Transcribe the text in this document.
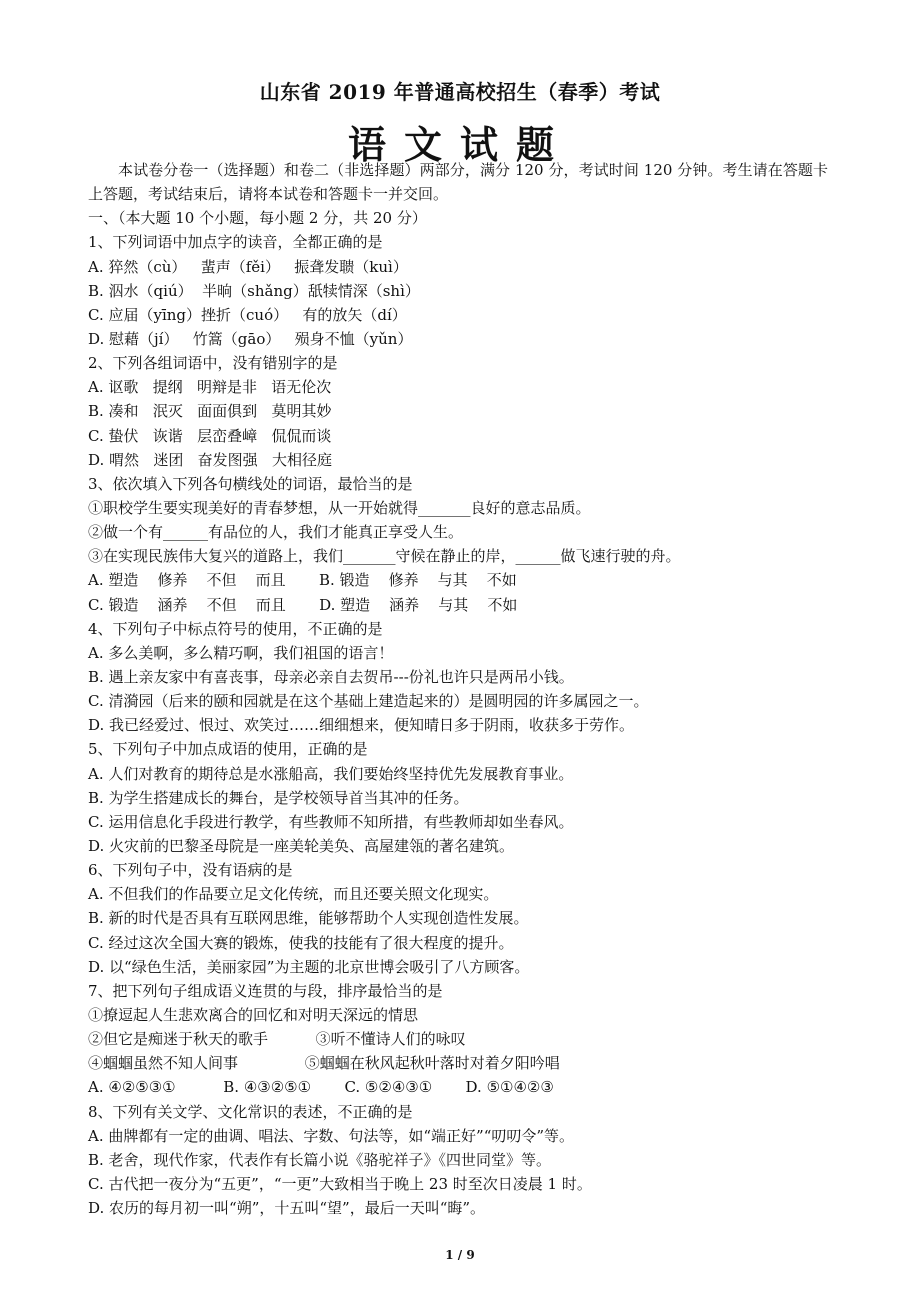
山东省 2019 年普通高校招生（春季）考试
语文试题
本试卷分卷一（选择题）和卷二（非选择题）两部分，满分 120 分，考试时间 120 分钟。考生请在答题卡上答题，考试结束后，请将本试卷和答题卡一并交回。
一、（本大题 10 个小题，每小题 2 分，共 20 分）
1、下列词语中加点字的读音，全都正确的是
A. 猝然（cù）   蜚声（fěi）   振聋发聩（kuì）
B. 泅水（qiú）  半晌（shǎng）舐犊情深（shì）
C. 应届（yīng）挫折（cuó）   有的放矢（dí）
D. 慰藉（jí）   竹篙（gāo）   殒身不恤（yǔn）
2、下列各组词语中，没有错别字的是
A. 讴歌   提纲   明辩是非   语无伦次
B. 凑和   泯灭   面面俱到   莫明其妙
C. 蛰伏   诙谐   层峦叠嶂   侃侃而谈
D. 喟然   迷团   奋发图强   大相径庭
3、依次填入下列各句横线处的词语，最恰当的是
①职校学生要实现美好的青春梦想，从一开始就得_______良好的意志品质。
②做一个有______有品位的人，我们才能真正享受人生。
③在实现民族伟大复兴的道路上，我们_______守候在静止的岸，______做飞速行驶的舟。
A. 塑造    修养    不但    而且       B. 锻造    修养    与其    不如
C. 锻造    涵养    不但    而且       D. 塑造    涵养    与其    不如
4、下列句子中标点符号的使用，不正确的是
A. 多么美啊，多么精巧啊，我们祖国的语言！
B. 遇上亲友家中有喜丧事，母亲必亲自去贺吊---份礼也许只是两吊小钱。
C. 清漪园（后来的颐和园就是在这个基础上建造起来的）是圆明园的许多属园之一。
D. 我已经爱过、恨过、欢笑过……细细想来，便知晴日多于阴雨，收获多于劳作。
5、下列句子中加点成语的使用，正确的是
A. 人们对教育的期待总是水涨船高，我们要始终坚持优先发展教育事业。
B. 为学生搭建成长的舞台，是学校领导首当其冲的任务。
C. 运用信息化手段进行教学，有些教师不知所措，有些教师却如坐春风。
D. 火灾前的巴黎圣母院是一座美轮美奂、高屋建瓴的著名建筑。
6、下列句子中，没有语病的是
A. 不但我们的作品要立足文化传统，而且还要关照文化现实。
B. 新的时代是否具有互联网思维，能够帮助个人实现创造性发展。
C. 经过这次全国大赛的锻炼，使我的技能有了很大程度的提升。
D. 以“绿色生活，美丽家园”为主题的北京世博会吸引了八方顾客。
7、把下列句子组成语义连贯的与段，排序最恰当的是
①撩逗起人生悲欢离合的回忆和对明天深远的情思
②但它是痴迷于秋天的歌手          ③听不懂诗人们的咏叹
④蝈蝈虽然不知人间事              ⑤蝈蝈在秋风起秋叶落时对着夕阳吟唱
A. ④②⑤③①          B. ④③②⑤①       C. ⑤②④③①       D. ⑤①④②③
8、下列有关文学、文化常识的表述，不正确的是
A. 曲牌都有一定的曲调、唱法、字数、句法等，如“端正好”“叨叨令”等。
B. 老舍，现代作家，代表作有长篇小说《骆驼祥子》《四世同堂》等。
C. 古代把一夜分为“五更”，“一更”大致相当于晚上 23 时至次日凌晨 1 时。
D. 农历的每月初一叫“朔”，十五叫“望”，最后一天叫“晦”。
1 / 9
